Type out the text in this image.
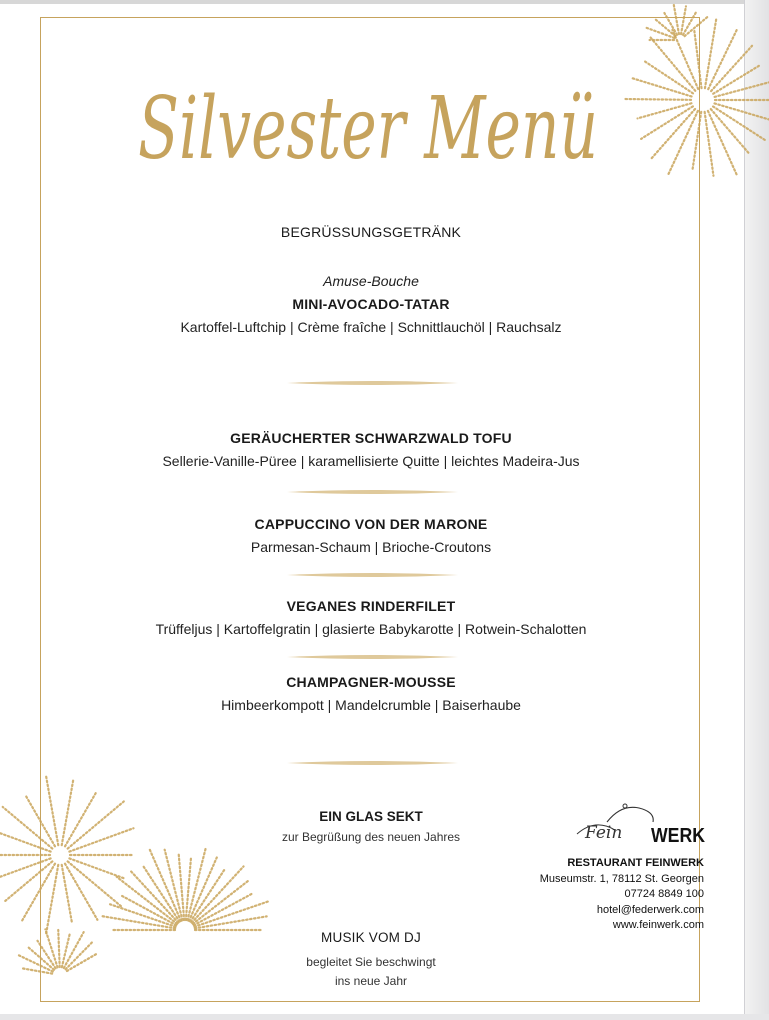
Silvester Menü
BEGRÜSSUNGSGETRÄNK
Amuse-Bouche
MINI-AVOCADO-TATAR
Kartoffel-Luftchip | Crème fraîche | Schnittlauchöl | Rauchsalz
GERÄUCHERTER SCHWARZWALD TOFU
Sellerie-Vanille-Püree | karamellisierte Quitte | leichtes Madeira-Jus
CAPPUCCINO VON DER MARONE
Parmesan-Schaum | Brioche-Croutons
VEGANES RINDERFILET
Trüffeljus | Kartoffelgratin | glasierte Babykarotte | Rotwein-Schalotten
CHAMPAGNER-MOUSSE
Himbeerkompott | Mandelcrumble | Baiserhaube
EIN GLAS SEKT
zur Begrüßung des neuen Jahres
MUSIK VOM DJ
begleitet Sie beschwingt
ins neue Jahr
Fein WERK
RESTAURANT FEINWERK
Museumstr. 1, 78112 St. Georgen
07724 8849 100
hotel@federwerk.com
www.feinwerk.com
